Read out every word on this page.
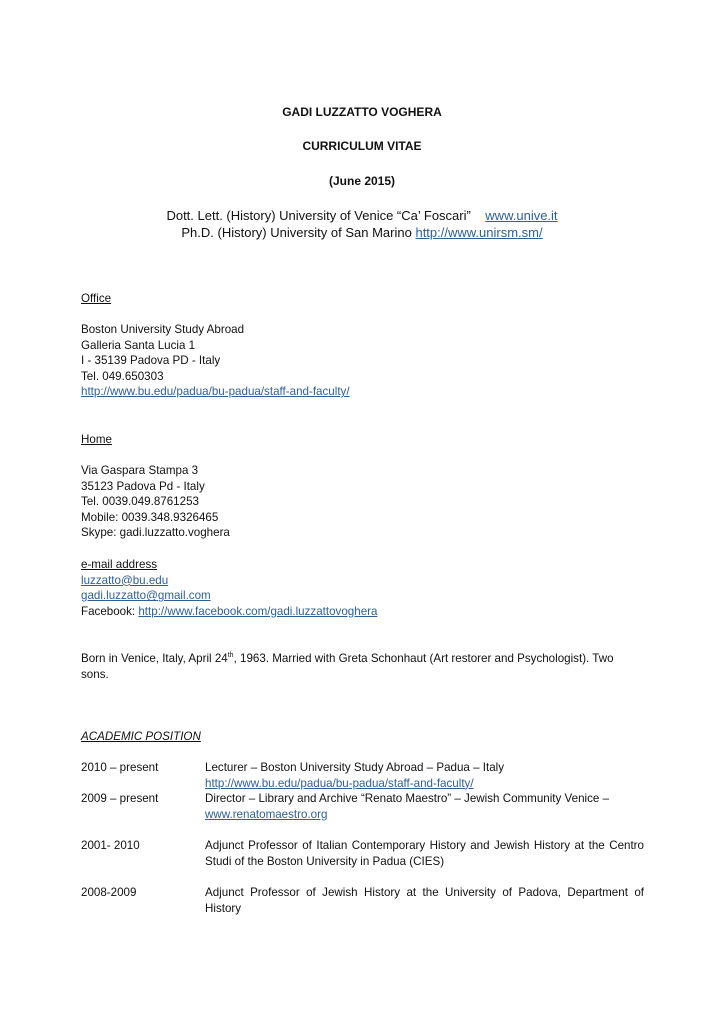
GADI LUZZATTO VOGHERA
CURRICULUM VITAE
(June 2015)
Dott. Lett. (History) University of Venice “Ca’ Foscari” www.unive.it
Ph.D. (History) University of San Marino http://www.unirsm.sm/
Office
Boston University Study Abroad
Galleria Santa Lucia 1
I - 35139 Padova PD - Italy
Tel. 049.650303
http://www.bu.edu/padua/bu-padua/staff-and-faculty/
Home
Via Gaspara Stampa 3
35123 Padova Pd - Italy
Tel. 0039.049.8761253
Mobile: 0039.348.9326465
Skype: gadi.luzzatto.voghera
e-mail address
luzzatto@bu.edu
gadi.luzzatto@gmail.com
Facebook: http://www.facebook.com/gadi.luzzattovoghera
Born in Venice, Italy, April 24th, 1963. Married with Greta Schonhaut (Art restorer and Psychologist). Two
sons.
ACADEMIC POSITION
2010 – present	Lecturer – Boston University Study Abroad – Padua – Italy
http://www.bu.edu/padua/bu-padua/staff-and-faculty/
2009 – present	Director – Library and Archive “Renato Maestro” – Jewish Community Venice –
www.renatomaestro.org
2001- 2010	Adjunct Professor of Italian Contemporary History and Jewish History at the Centro Studi of the Boston University in Padua (CIES)
2008-2009	Adjunct Professor of Jewish History at the University of Padova, Department of History
